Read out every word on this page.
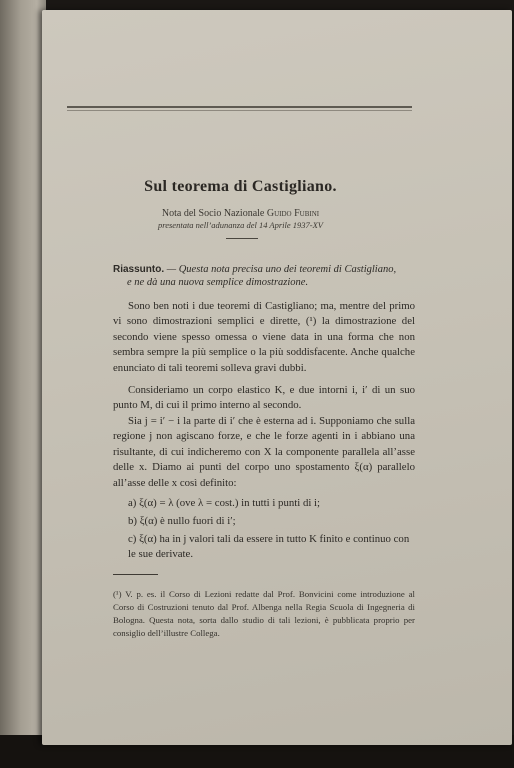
Sul teorema di Castigliano.
Nota del Socio Nazionale Guido Fubini
presentata nell’adunanza del 14 Aprile 1937-XV
Riassunto. — Questa nota precisa uno dei teoremi di Castigliano,
e ne dà una nuova semplice dimostrazione.
Sono ben noti i due teoremi di Castigliano; ma, mentre del primo vi sono dimostrazioni semplici e dirette, (¹) la dimostrazione del secondo viene spesso omessa o viene data in una forma che non sembra sempre la più semplice o la più soddisfacente. Anche qualche enunciato di tali teoremi solleva gravi dubbi.
Consideriamo un corpo elastico K, e due intorni i, i′ di un suo punto M, di cui il primo interno al secondo.
Sia j = i′ − i la parte di i′ che è esterna ad i. Supponiamo che sulla regione j non agiscano forze, e che le forze agenti in i abbiano una risultante, di cui indicheremo con X la componente parallela all’asse delle x. Diamo ai punti del corpo uno spostamento ξ(α) parallelo all’asse delle x così definito:
a) ξ(α) = λ (ove λ = cost.) in tutti i punti di i;
b) ξ(α) è nullo fuori di i′;
c) ξ(α) ha in j valori tali da essere in tutto K finito e continuo con le sue derivate.
(¹) V. p. es. il Corso di Lezioni redatte dal Prof. Bonvicini come introduzione al Corso di Costruzioni tenuto dal Prof. Albenga nella Regia Scuola di Ingegneria di Bologna. Questa nota, sorta dallo studio di tali lezioni, è pubblicata proprio per consiglio dell’illustre Collega.
